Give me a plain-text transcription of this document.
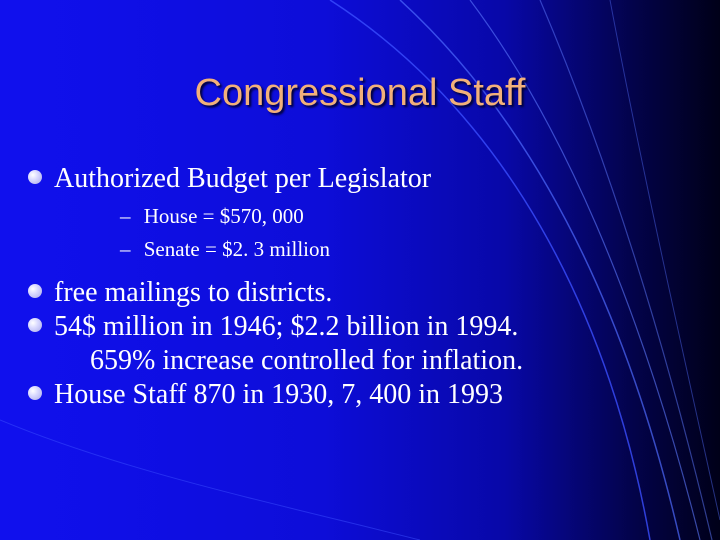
Congressional Staff
Authorized Budget per Legislator
– House = $570, 000
– Senate = $2. 3 million
free mailings to districts.
54$ million in 1946; $2.2 billion in 1994.
659% increase controlled for inflation.
House Staff 870 in 1930, 7, 400 in 1993
